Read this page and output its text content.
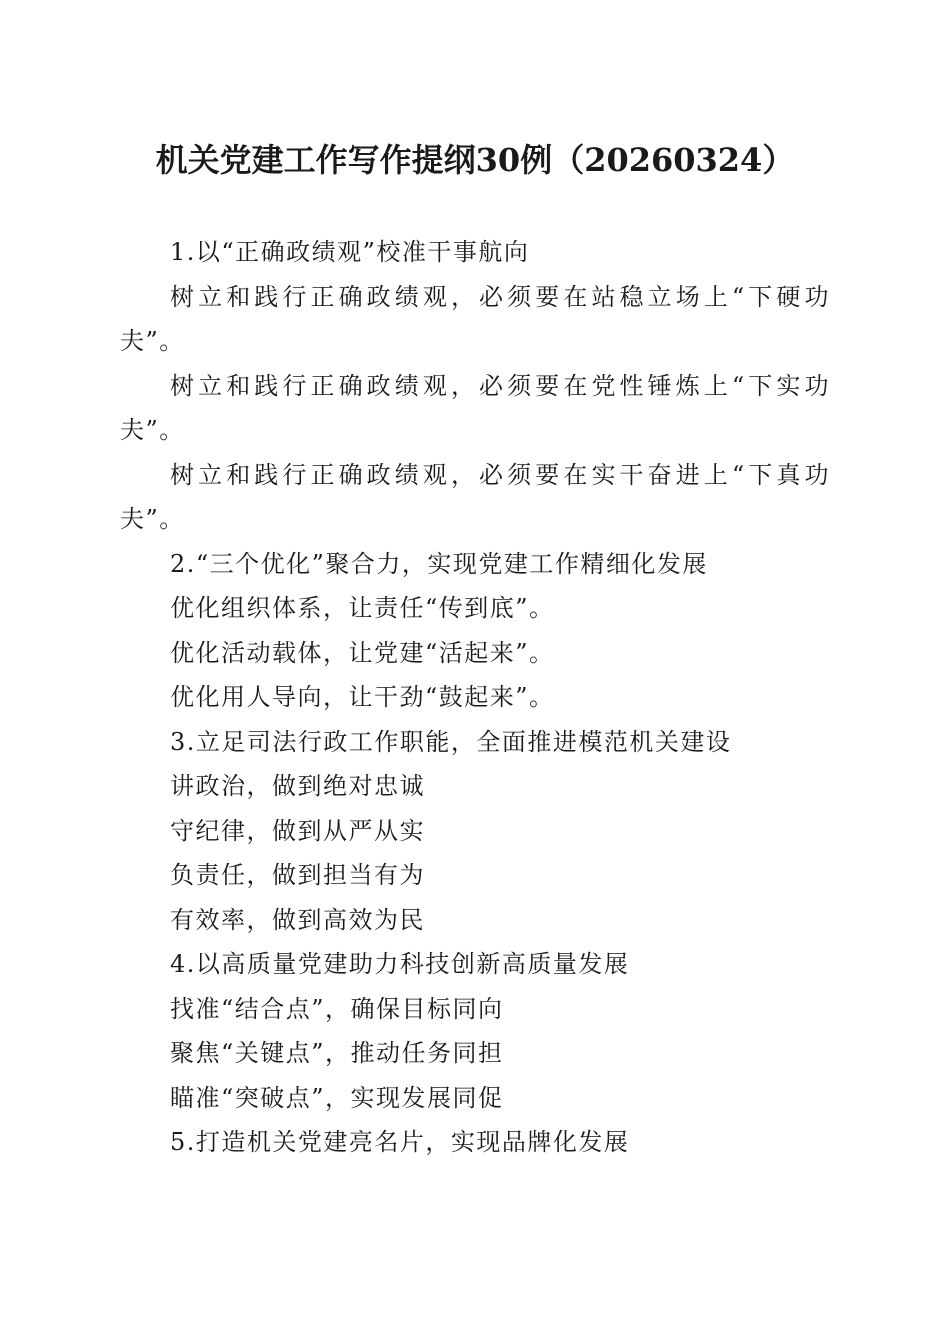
机关党建工作写作提纲30例（20260324）

1.以“正确政绩观”校准干事航向

树立和践行正确政绩观，必须要在站稳立场上“下硬功夫”。

树立和践行正确政绩观，必须要在党性锤炼上“下实功夫”。

树立和践行正确政绩观，必须要在实干奋进上“下真功夫”。

2.“三个优化”聚合力，实现党建工作精细化发展

优化组织体系，让责任“传到底”。

优化活动载体，让党建“活起来”。

优化用人导向，让干劲“鼓起来”。

3.立足司法行政工作职能，全面推进模范机关建设

讲政治，做到绝对忠诚

守纪律，做到从严从实

负责任，做到担当有为

有效率，做到高效为民

4.以高质量党建助力科技创新高质量发展

找准“结合点”，确保目标同向

聚焦“关键点”，推动任务同担

瞄准“突破点”，实现发展同促

5.打造机关党建亮名片，实现品牌化发展
